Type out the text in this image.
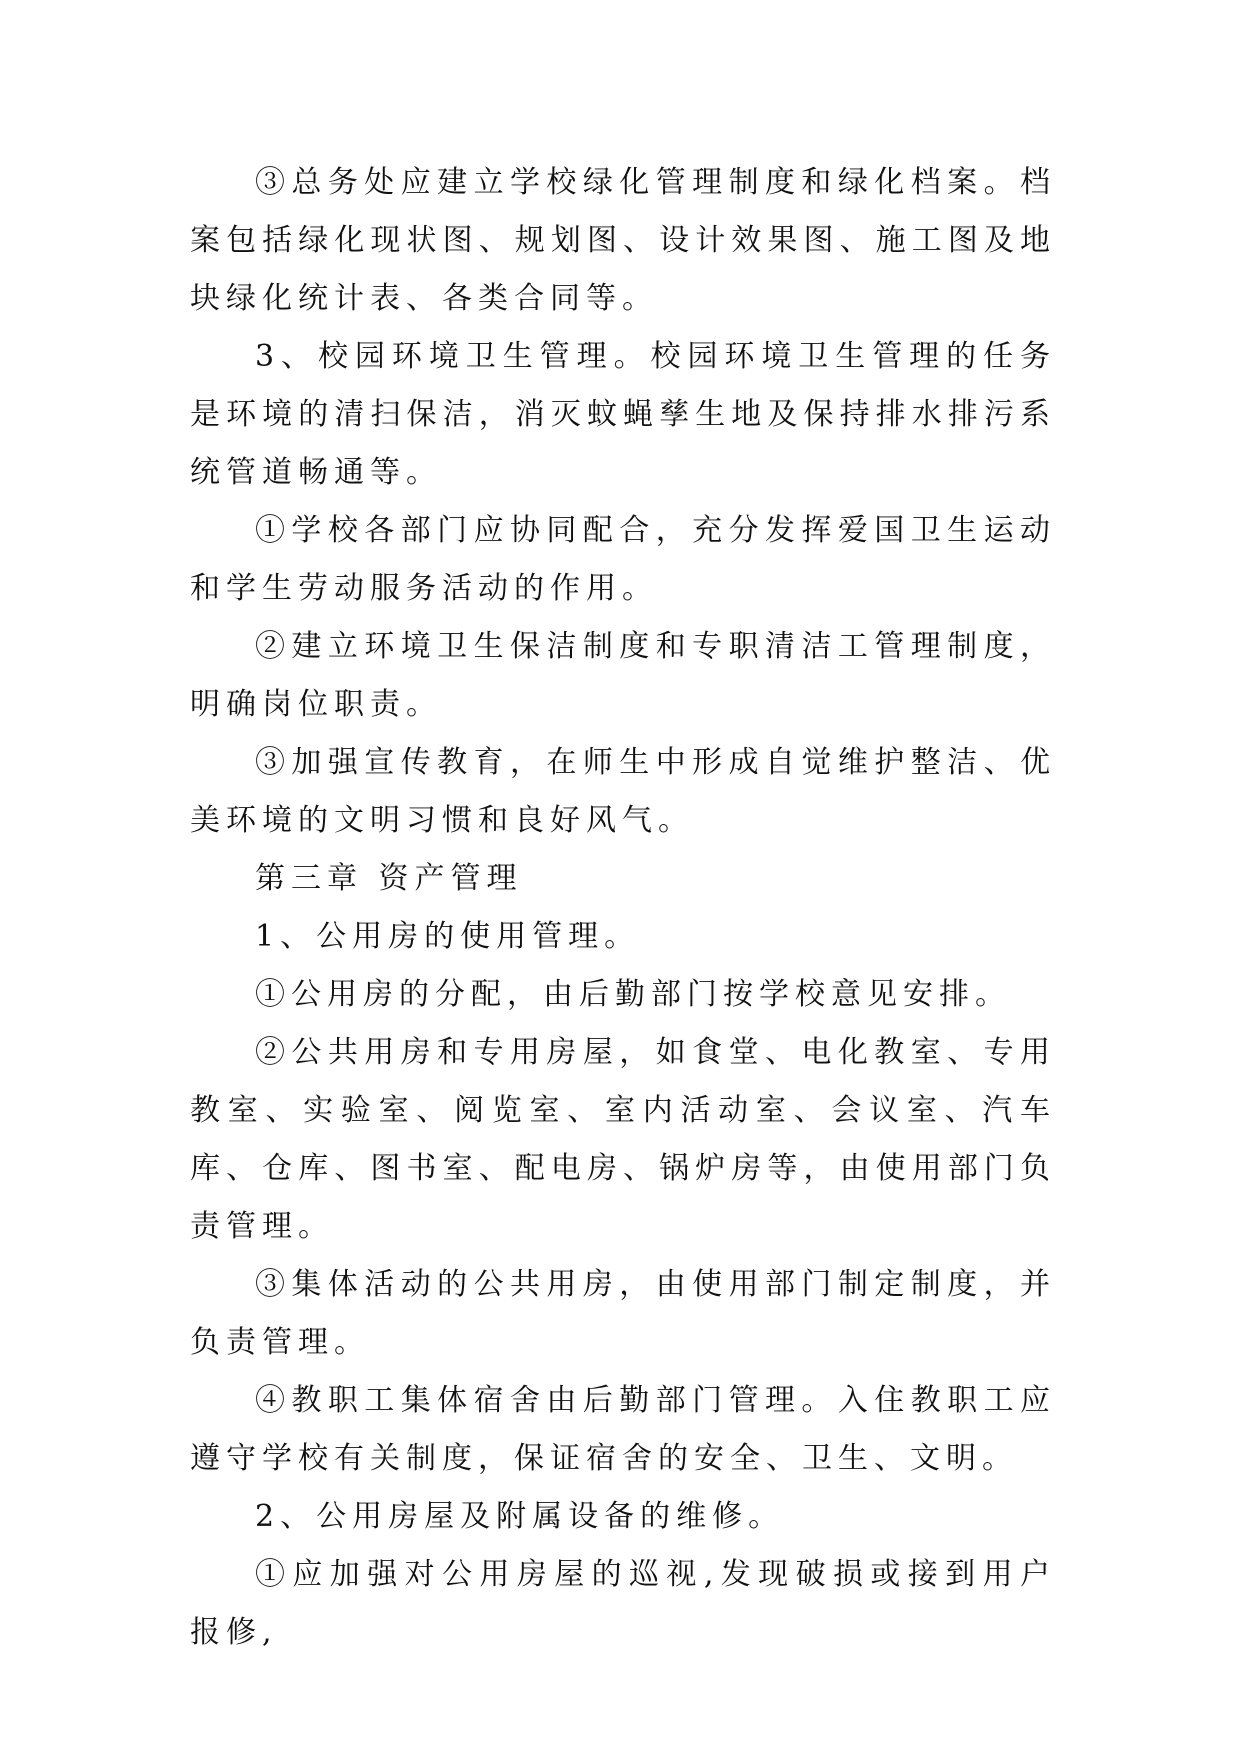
③总务处应建立学校绿化管理制度和绿化档案。档案包括绿化现状图、规划图、设计效果图、施工图及地块绿化统计表、各类合同等。

3、校园环境卫生管理。校园环境卫生管理的任务是环境的清扫保洁，消灭蚊蝇孳生地及保持排水排污系统管道畅通等。

①学校各部门应协同配合，充分发挥爱国卫生运动和学生劳动服务活动的作用。

②建立环境卫生保洁制度和专职清洁工管理制度，明确岗位职责。

③加强宣传教育，在师生中形成自觉维护整洁、优美环境的文明习惯和良好风气。

第三章 资产管理

1、公用房的使用管理。

①公用房的分配，由后勤部门按学校意见安排。

②公共用房和专用房屋，如食堂、电化教室、专用教室、实验室、阅览室、室内活动室、会议室、汽车库、仓库、图书室、配电房、锅炉房等，由使用部门负责管理。

③集体活动的公共用房，由使用部门制定制度，并负责管理。

④教职工集体宿舍由后勤部门管理。入住教职工应遵守学校有关制度，保证宿舍的安全、卫生、文明。

2、公用房屋及附属设备的维修。

①应加强对公用房屋的巡视,发现破损或接到用户报修,
